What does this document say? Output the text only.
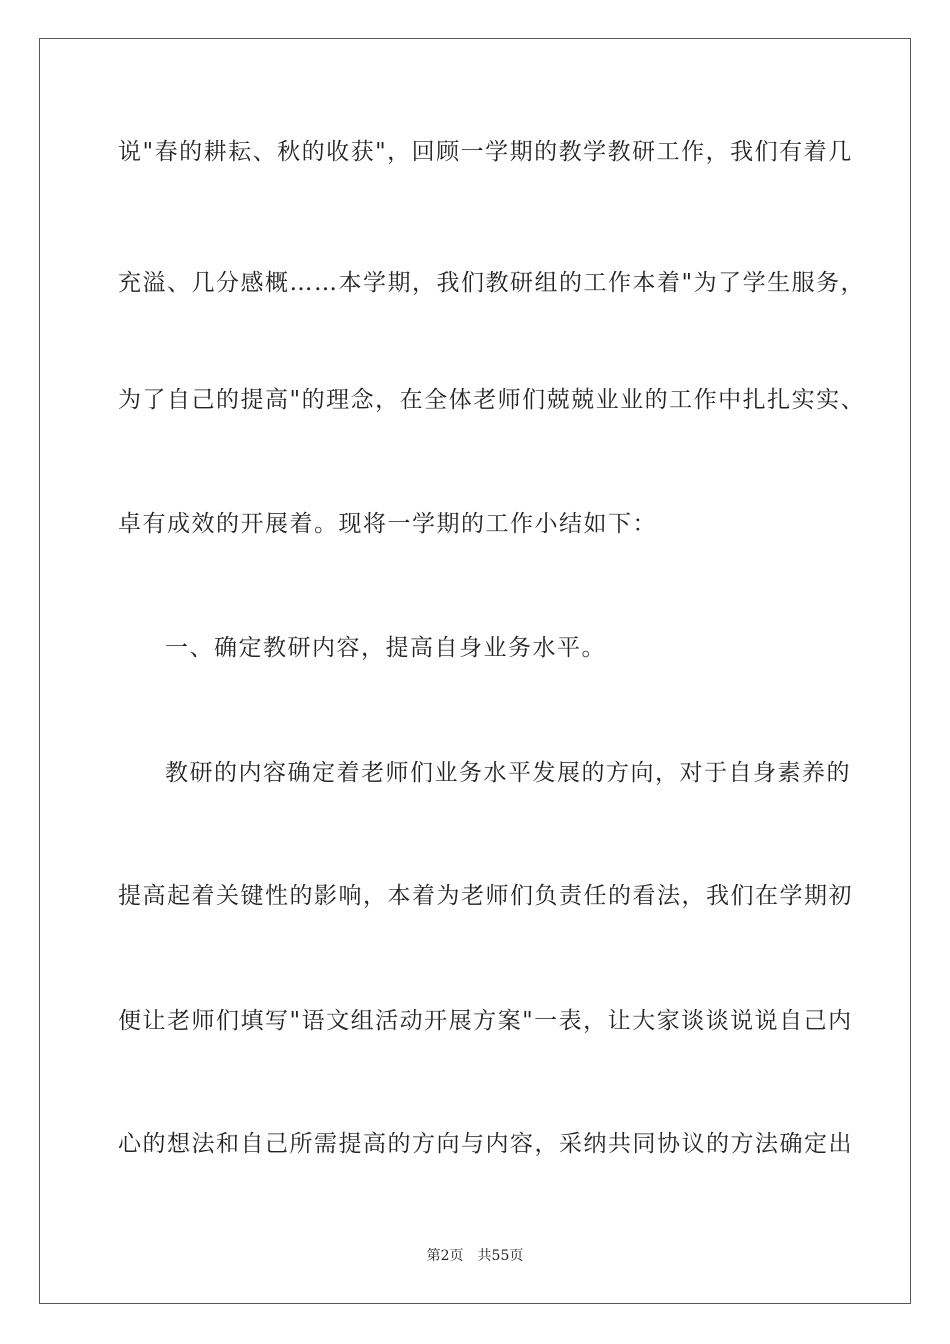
说"春的耕耘、秋的收获"，回顾一学期的教学教研工作，我们有着几
充溢、几分感概……本学期，我们教研组的工作本着"为了学生服务，
为了自己的提高"的理念，在全体老师们兢兢业业的工作中扎扎实实、
卓有成效的开展着。现将一学期的工作小结如下：
一、确定教研内容，提高自身业务水平。
教研的内容确定着老师们业务水平发展的方向，对于自身素养的
提高起着关键性的影响，本着为老师们负责任的看法，我们在学期初
便让老师们填写"语文组活动开展方案"一表，让大家谈谈说说自己内
心的想法和自己所需提高的方向与内容，采纳共同协议的方法确定出
第2页 共55页
